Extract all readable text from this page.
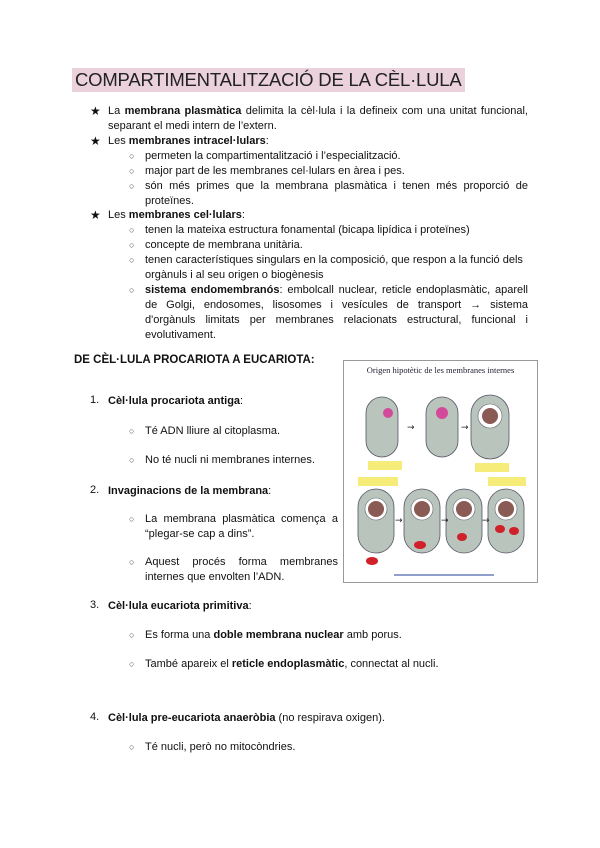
COMPARTIMENTALITZACIÓ DE LA CÈL·LULA
★ La membrana plasmàtica delimita la cèl·lula i la defineix com una unitat funcional, separant el medi intern de l’extern.
★ Les membranes intracel·lulars:
○ permeten la compartimentalització i l’especialització.
○ major part de les membranes cel·lulars en àrea i pes.
○ són més primes que la membrana plasmàtica i tenen més proporció de proteïnes.
★ Les membranes cel·lulars:
○ tenen la mateixa estructura fonamental (bicapa lipídica i proteïnes)
○ concepte de membrana unitària.
○ tenen característiques singulars en la composició, que respon a la funció dels orgànuls i al seu origen o biogènesis
○ sistema endomembranós: embolcall nuclear, reticle endoplasmàtic, aparell de Golgi, endosomes, lisosomes i vesícules de transport → sistema d'orgànuls limitats per membranes relacionats estructural, funcional i evolutivament.
DE CÈL·LULA PROCARIOTA A EUCARIOTA:
1. Cèl·lula procariota antiga:
○ Té ADN lliure al citoplasma.
○ No té nucli ni membranes internes.
2. Invaginacions de la membrana:
○ La membrana plasmàtica comença a “plegar-se cap a dins”.
○ Aquest procés forma membranes internes que envolten l’ADN.
3. Cèl·lula eucariota primitiva:
○ Es forma una doble membrana nuclear amb porus.
○ També apareix el reticle endoplasmàtic, connectat al nucli.
4. Cèl·lula pre-eucariota anaeròbia (no respirava oxigen).
○ Té nucli, però no mitocòndries.
Origen hipotètic de les membranes internes
→	→
→	→	→
